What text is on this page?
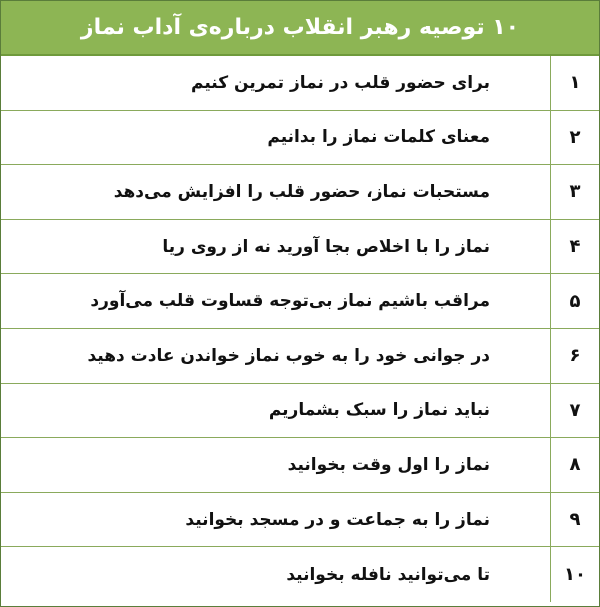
۱۰ توصیه رهبر انقلاب درباره‌ی آداب نماز
۱
برای حضور قلب در نماز تمرین کنیم
۲
معنای کلمات نماز را بدانیم
۳
مستحبات نماز، حضور قلب را افزایش می‌دهد
۴
نماز را با اخلاص بجا آورید نه از روی ریا
۵
مراقب باشیم نماز بی‌توجه قساوت قلب می‌آورد
۶
در جوانی خود را به خوب نماز خواندن عادت دهید
۷
نباید نماز را سبک بشماریم
۸
نماز را اول وقت بخوانید
۹
نماز را به جماعت و در مسجد بخوانید
۱۰
تا می‌توانید نافله بخوانید
